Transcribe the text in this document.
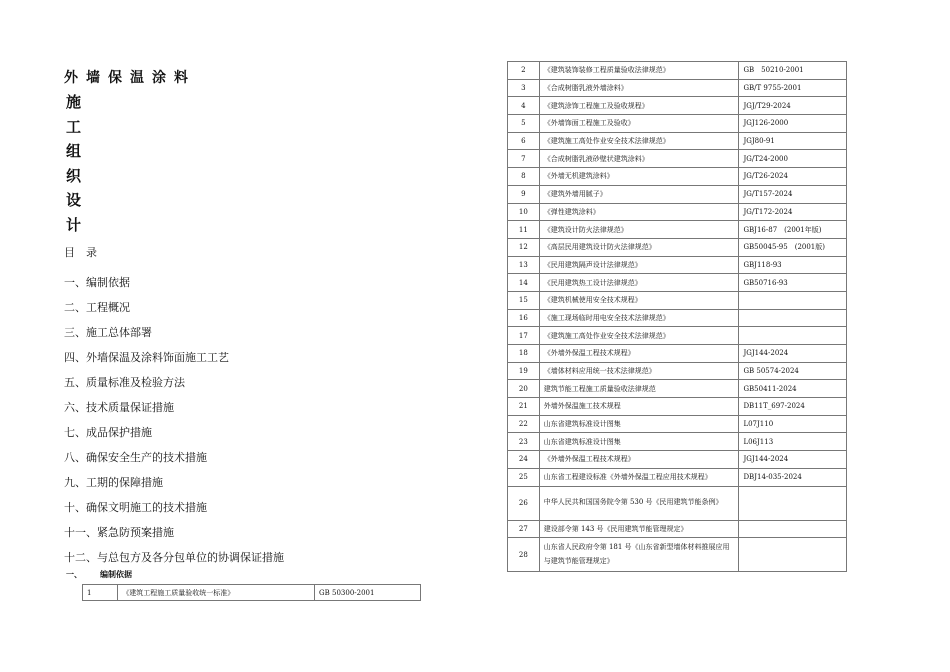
外 墙 保 温 涂 料
施
工
组
织
设
计
目　录
一、编制依据
二、工程概况
三、施工总体部署
四、外墙保温及涂料饰面施工工艺
五、质量标准及检验方法
六、技术质量保证措施
七、成品保护措施
八、确保安全生产的技术措施
九、工期的保障措施
十、确保文明施工的技术措施
十一、紧急防预案措施
十二、与总包方及各分包单位的协调保证措施
一、 编制依据
1	《建筑工程施工质量验收统一标准》	GB 50300-2001
2	《建筑装饰装修工程质量验收法律规范》	GB　50210-2001
3	《合成树脂乳液外墙涂料》	GB/T 9755-2001
4	《建筑涂饰工程施工及验收规程》	JGJ/T29-2024
5	《外墙饰面工程施工及验收》	JGJ126-2000
6	《建筑施工高处作业安全技术法律规范》	JGJ80-91
7	《合成树脂乳液砂壁状建筑涂料》	JG/T24-2000
8	《外墙无机建筑涂料》	JG/T26-2024
9	《建筑外墙用腻子》	JG/T157-2024
10	《弹性建筑涂料》	JG/T172-2024
11	《建筑设计防火法律规范》	GBJ16-87　(2001年版)
12	《高层民用建筑设计防火法律规范》	GB50045-95　(2001版)
13	《民用建筑隔声设计法律规范》	GBJ118-93
14	《民用建筑热工设计法律规范》	GB50716-93
15	《建筑机械使用安全技术规程》	
16	《施工现场临时用电安全技术法律规范》	
17	《建筑施工高处作业安全技术法律规范》	
18	《外墙外保温工程技术规程》	JGJ144-2024
19	《墙体材料应用统一技术法律规范》	GB 50574-2024
20	建筑节能工程施工质量验收法律规范	GB50411-2024
21	外墙外保温施工技术规程	DB11T_697-2024
22	山东省建筑标准设计图集	L07J110
23	山东省建筑标准设计图集	L06J113
24	《外墙外保温工程技术规程》	JGJ144-2024
25	山东省工程建设标准《外墙外保温工程应用技术规程》	DBJ14-035-2024
26	中华人民共和国国务院令第 530 号《民用建筑节能条例》	
27	建设部令第 143 号《民用建筑节能管理规定》	
28	山东省人民政府令第 181 号《山东省新型墙体材料推展应用与建筑节能管理规定》	
